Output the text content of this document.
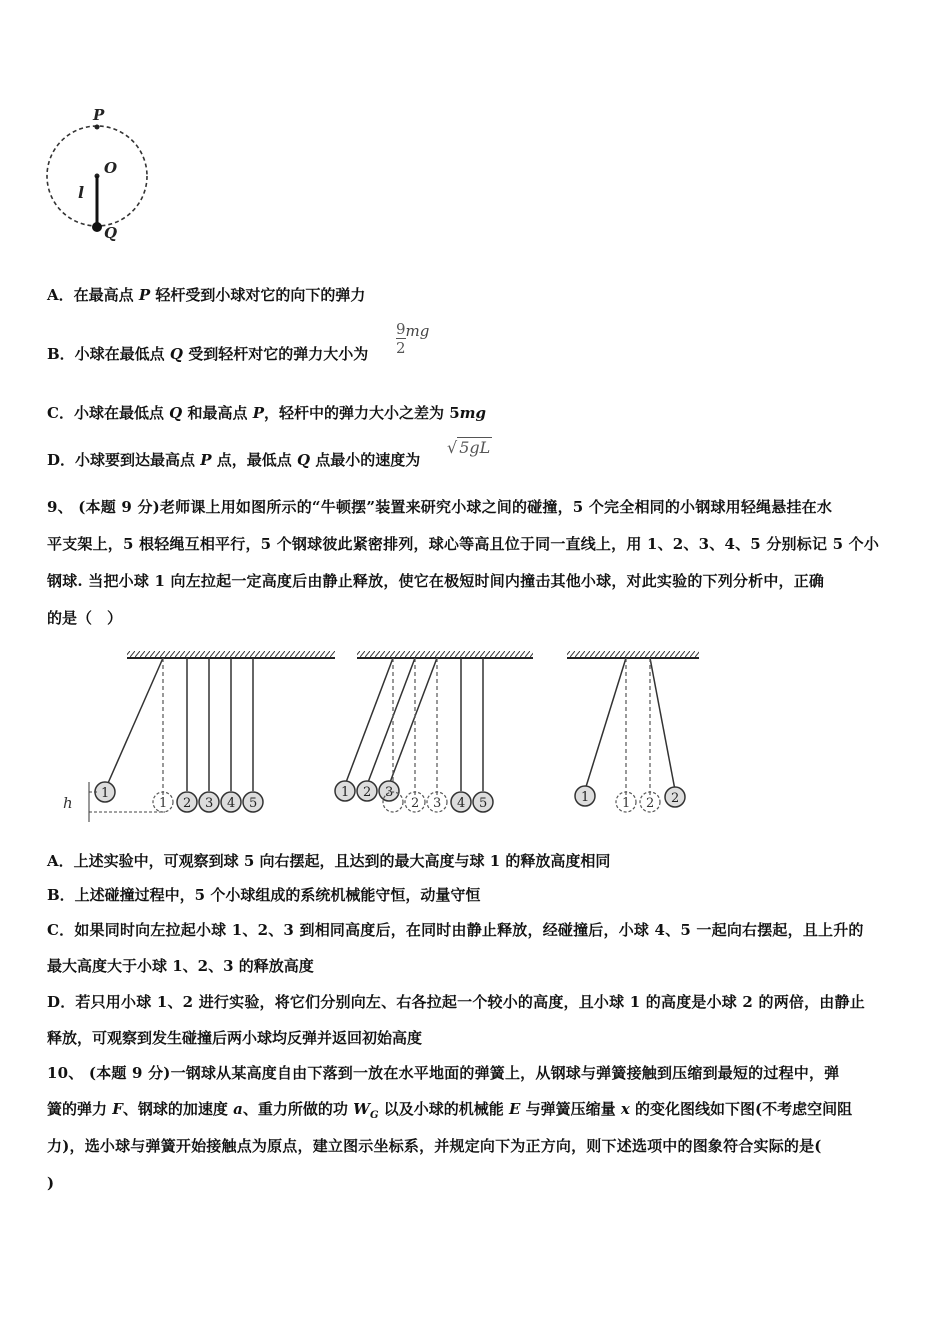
P
O
l
Q
A．在最高点 P 轻杆受到小球对它的向下的弹力
B．小球在最低点 Q 受到轻杆对它的弹力大小为 $\frac{9}{2}$ mg
C．小球在最低点 Q 和最高点 P，轻杆中的弹力大小之差为 5mg
D．小球要到达最高点 P 点，最低点 Q 点最小的速度为
√ 5gL
9、 (本题 9 分)老师课上用如图所示的“牛顿摆”装置来研究小球之间的碰撞，5 个完全相同的小钢球用轻绳悬挂在水
平支架上，5 根轻绳互相平行，5 个钢球彼此紧密排列，球心等高且位于同一直线上，用 1、2、3、4、5 分别标记 5 个小
钢球. 当把小球 1 向左拉起一定高度后由静止释放，使它在极短时间内撞击其他小球，对此实验的下列分析中，正确
的是（　）
1
1 2 3 4 5
h
1 2 3
2 3 4 5	1	1 2 2
A．上述实验中，可观察到球 5 向右摆起，且达到的最大高度与球 1 的释放高度相同
B．上述碰撞过程中，5 个小球组成的系统机械能守恒，动量守恒
C．如果同时向左拉起小球 1、2、3 到相同高度后，在同时由静止释放，经碰撞后，小球 4、5 一起向右摆起，且上升的
最大高度大于小球 1、2、3 的释放高度
D．若只用小球 1、2 进行实验，将它们分别向左、右各拉起一个较小的高度，且小球 1 的高度是小球 2 的两倍，由静止
释放，可观察到发生碰撞后两小球均反弹并返回初始高度
10、 (本题 9 分)一钢球从某高度自由下落到一放在水平地面的弹簧上，从钢球与弹簧接触到压缩到最短的过程中，弹
簧的弹力 F、钢球的加速度 a、重力所做的功 $W_G$ 以及小球的机械能 E 与弹簧压缩量 x 的变化图线如下图(不考虑空间阻
力)，选小球与弹簧开始接触点为原点，建立图示坐标系，并规定向下为正方向，则下述选项中的图象符合实际的是(
)
